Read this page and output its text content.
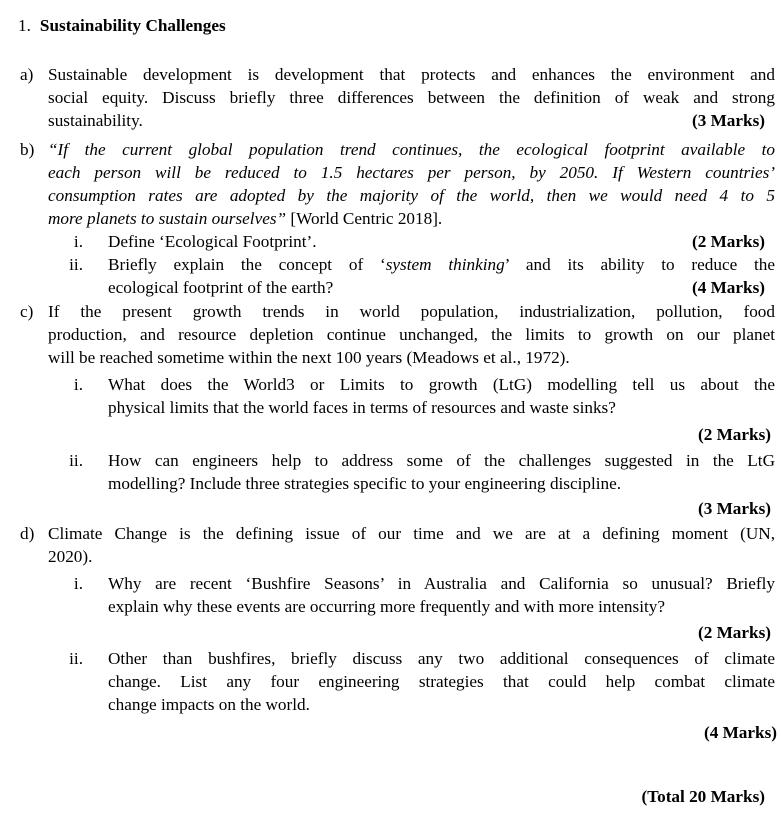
1. Sustainability Challenges
a) Sustainable development is development that protects and enhances the environment and
social equity. Discuss briefly three differences between the definition of weak and strong
sustainability.	(3 Marks)
b) “If the current global population trend continues, the ecological footprint available to
each person will be reduced to 1.5 hectares per person, by 2050. If Western countries’
consumption rates are adopted by the majority of the world, then we would need 4 to 5
more planets to sustain ourselves” [World Centric 2018].
i. Define ‘Ecological Footprint’.	(2 Marks)
ii. Briefly explain the concept of ‘system thinking’ and its ability to reduce the
ecological footprint of the earth?	(4 Marks)
c) If the present growth trends in world population, industrialization, pollution, food
production, and resource depletion continue unchanged, the limits to growth on our planet
will be reached sometime within the next 100 years (Meadows et al., 1972).
i. What does the World3 or Limits to growth (LtG) modelling tell us about the
physical limits that the world faces in terms of resources and waste sinks?
(2 Marks)
ii. How can engineers help to address some of the challenges suggested in the LtG
modelling? Include three strategies specific to your engineering discipline.
(3 Marks)
d) Climate Change is the defining issue of our time and we are at a defining moment (UN,
2020).
i. Why are recent ‘Bushfire Seasons’ in Australia and California so unusual? Briefly
explain why these events are occurring more frequently and with more intensity?
(2 Marks)
ii. Other than bushfires, briefly discuss any two additional consequences of climate
change. List any four engineering strategies that could help combat climate
change impacts on the world.
(4 Marks)
(Total 20 Marks)
